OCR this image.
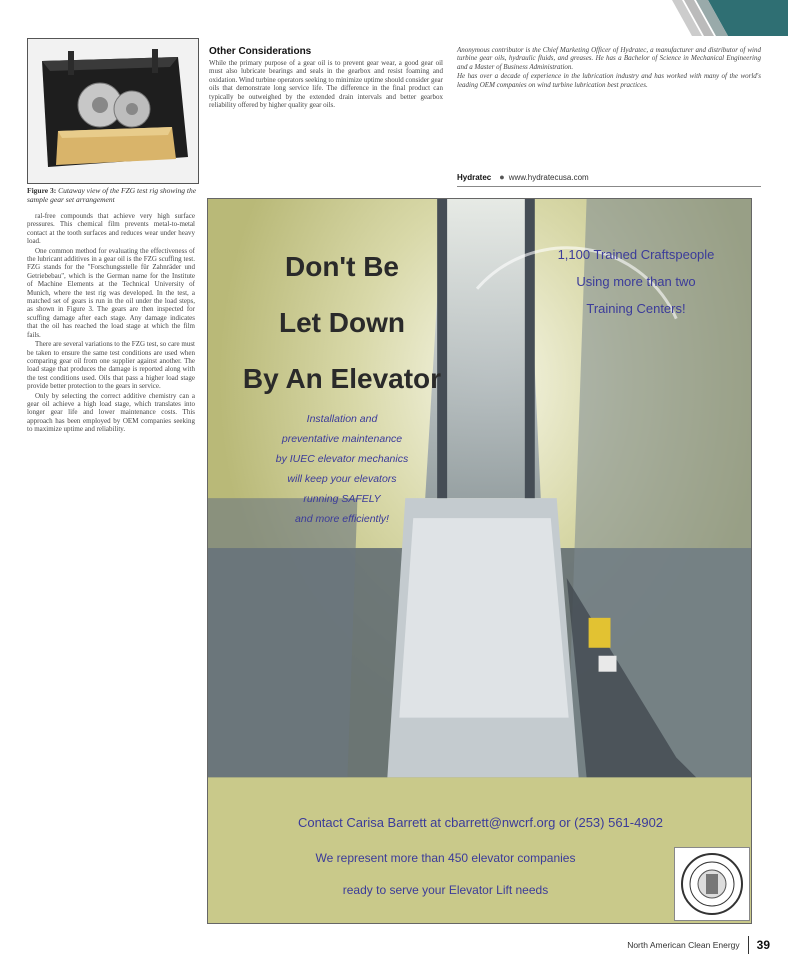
Figure 3: Cutaway view of the FZG test rig showing the sample gear set arrangement

ral-free compounds that achieve very high surface pressures. This chemical film prevents metal-to-metal contact at the tooth surfaces and reduces wear under heavy load.

One common method for evaluating the effectiveness of the lubricant additives in a gear oil is the FZG scuffing test. FZG stands for the "Forschungsstelle für Zahnräder und Getriebebau", which is the German name for the Institute of Machine Elements at the Technical University of Munich, where the test rig was developed. In the test, a matched set of gears is run in the oil under the load steps, as shown in Figure 3. The gears are then inspected for scuffing damage after each stage. Any damage indicates that the oil has reached the load stage at which the film fails.

There are several variations to the FZG test, so care must be taken to ensure the same test conditions are used when comparing gear oil from one supplier against another. The load stage that produces the damage is reported along with the test conditions used. Oils that pass a higher load stage provide better protection to the gears in service.

Only by selecting the correct additive chemistry can a gear oil achieve a high load stage, which translates into longer gear life and lower maintenance costs. This approach has been employed by OEM companies seeking to maximize uptime and reliability.

Other Considerations
While the primary purpose of a gear oil is to prevent gear wear, a good gear oil must also lubricate bearings and seals in the gearbox and resist foaming and oxidation. Wind turbine operators seeking to minimize uptime should consider gear oils that demonstrate long service life. The difference in the final product can typically be outweighed by the extended drain intervals and better gearbox reliability offered by higher quality gear oils.

Anonymous contributor is the Chief Marketing Officer of Hydratec, a manufacturer and distributor of wind turbine gear oils, hydraulic fluids, and greases. He has a Bachelor of Science in Mechanical Engineering and a Master of Business Administration.

He has over a decade of experience in the lubrication industry and has worked with many of the world's leading OEM companies on wind turbine lubrication best practices.

Hydratec ● www.hydratecusa.com
Don't Be
Let Down
By An Elevator
Installation and
preventative maintenance
by IUEC elevator mechanics
will keep your elevators
running SAFELY
and more efficiently!
1,100 Trained Craftspeople
Using more than two
Training Centers!
Contact Carisa Barrett at cbarrett@nwcrf.org or (253) 561-4902
We represent more than 450 elevator companies
ready to serve your Elevator Lift needs
North American Clean Energy 39
